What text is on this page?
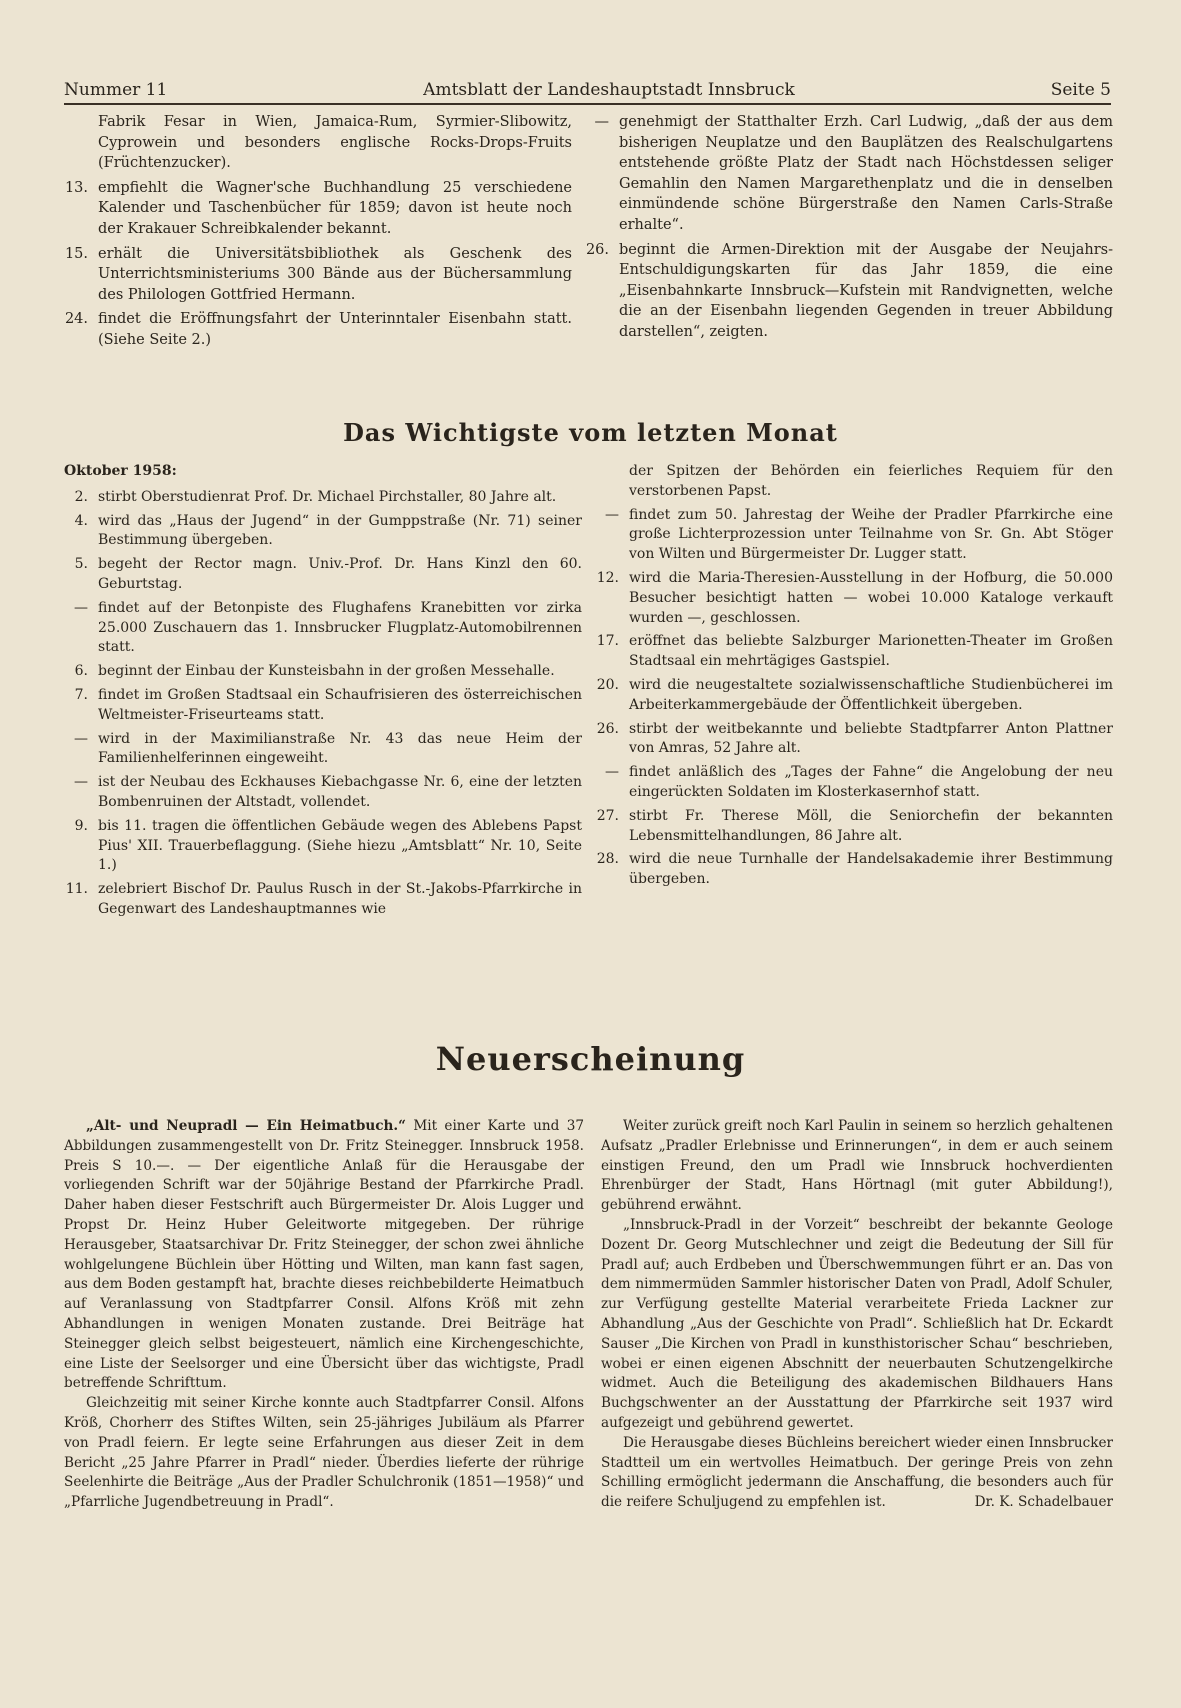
Nummer 11	Amtsblatt der Landeshauptstadt Innsbruck	Seite 5
Fabrik Fesar in Wien, Jamaica-Rum, Syrmier-Slibowitz, Cyprowein und besonders englische Rocks-Drops-Fruits (Früchtenzucker).
13. empfiehlt die Wagner'sche Buchhandlung 25 verschiedene Kalender und Taschenbücher für 1859; davon ist heute noch der Krakauer Schreibkalender bekannt.
15. erhält die Universitätsbibliothek als Geschenk des Unterrichtsministeriums 300 Bände aus der Büchersammlung des Philologen Gottfried Hermann.
24. findet die Eröffnungsfahrt der Unterinntaler Eisenbahn statt. (Siehe Seite 2.)
— genehmigt der Statthalter Erzh. Carl Ludwig, „daß der aus dem bisherigen Neuplatze und den Bauplätzen des Realschulgartens entstehende größte Platz der Stadt nach Höchstdessen seliger Gemahlin den Namen Margarethenplatz und die in denselben einmündende schöne Bürgerstraße den Namen Carls-Straße erhalte“.
26. beginnt die Armen-Direktion mit der Ausgabe der Neujahrs-Entschuldigungskarten für das Jahr 1859, die eine „Eisenbahnkarte Innsbruck—Kufstein mit Randvignetten, welche die an der Eisenbahn liegenden Gegenden in treuer Abbildung darstellen“, zeigten.
Das Wichtigste vom letzten Monat
Oktober 1958:
2. stirbt Oberstudienrat Prof. Dr. Michael Pirchstaller, 80 Jahre alt.
4. wird das „Haus der Jugend“ in der Gumppstraße (Nr. 71) seiner Bestimmung übergeben.
5. begeht der Rector magn. Univ.-Prof. Dr. Hans Kinzl den 60. Geburtstag.
— findet auf der Betonpiste des Flughafens Kranebitten vor zirka 25.000 Zuschauern das 1. Innsbrucker Flugplatz-Automobilrennen statt.
6. beginnt der Einbau der Kunsteisbahn in der großen Messehalle.
7. findet im Großen Stadtsaal ein Schaufrisieren des österreichischen Weltmeister-Friseurteams statt.
— wird in der Maximilianstraße Nr. 43 das neue Heim der Familienhelferinnen eingeweiht.
— ist der Neubau des Eckhauses Kiebachgasse Nr. 6, eine der letzten Bombenruinen der Altstadt, vollendet.
9. bis 11. tragen die öffentlichen Gebäude wegen des Ablebens Papst Pius' XII. Trauerbeflaggung. (Siehe hiezu „Amtsblatt“ Nr. 10, Seite 1.)
11. zelebriert Bischof Dr. Paulus Rusch in der St.-Jakobs-Pfarrkirche in Gegenwart des Landeshauptmannes wie
der Spitzen der Behörden ein feierliches Requiem für den verstorbenen Papst.
— findet zum 50. Jahrestag der Weihe der Pradler Pfarrkirche eine große Lichterprozession unter Teilnahme von Sr. Gn. Abt Stöger von Wilten und Bürgermeister Dr. Lugger statt.
12. wird die Maria-Theresien-Ausstellung in der Hofburg, die 50.000 Besucher besichtigt hatten — wobei 10.000 Kataloge verkauft wurden —, geschlossen.
17. eröffnet das beliebte Salzburger Marionetten-Theater im Großen Stadtsaal ein mehrtägiges Gastspiel.
20. wird die neugestaltete sozialwissenschaftliche Studienbücherei im Arbeiterkammergebäude der Öffentlichkeit übergeben.
26. stirbt der weitbekannte und beliebte Stadtpfarrer Anton Plattner von Amras, 52 Jahre alt.
— findet anläßlich des „Tages der Fahne“ die Angelobung der neu eingerückten Soldaten im Klosterkasernhof statt.
27. stirbt Fr. Therese Möll, die Seniorchefin der bekannten Lebensmittelhandlungen, 86 Jahre alt.
28. wird die neue Turnhalle der Handelsakademie ihrer Bestimmung übergeben.
Neuerscheinung

„Alt- und Neupradl — Ein Heimatbuch.“ Mit einer Karte und 37 Abbildungen zusammengestellt von Dr. Fritz Steinegger. Innsbruck 1958. Preis S 10.—. — Der eigentliche Anlaß für die Herausgabe der vorliegenden Schrift war der 50jährige Bestand der Pfarrkirche Pradl. Daher haben dieser Festschrift auch Bürgermeister Dr. Alois Lugger und Propst Dr. Heinz Huber Geleitworte mitgegeben. Der rührige Herausgeber, Staatsarchivar Dr. Fritz Steinegger, der schon zwei ähnliche wohlgelungene Büchlein über Hötting und Wilten, man kann fast sagen, aus dem Boden gestampft hat, brachte dieses reichbebilderte Heimatbuch auf Veranlassung von Stadtpfarrer Consil. Alfons Kröß mit zehn Abhandlungen in wenigen Monaten zustande. Drei Beiträge hat Steinegger gleich selbst beigesteuert, nämlich eine Kirchengeschichte, eine Liste der Seelsorger und eine Übersicht über das wichtigste, Pradl betreffende Schrifttum.

Gleichzeitig mit seiner Kirche konnte auch Stadtpfarrer Consil. Alfons Kröß, Chorherr des Stiftes Wilten, sein 25-jähriges Jubiläum als Pfarrer von Pradl feiern. Er legte seine Erfahrungen aus dieser Zeit in dem Bericht „25 Jahre Pfarrer in Pradl“ nieder. Überdies lieferte der rührige Seelenhirte die Beiträge „Aus der Pradler Schulchronik (1851—1958)“ und „Pfarrliche Jugendbetreuung in Pradl“.

Weiter zurück greift noch Karl Paulin in seinem so herzlich gehaltenen Aufsatz „Pradler Erlebnisse und Erinnerungen“, in dem er auch seinem einstigen Freund, den um Pradl wie Innsbruck hochverdienten Ehrenbürger der Stadt, Hans Hörtnagl (mit guter Abbildung!), gebührend erwähnt.

„Innsbruck-Pradl in der Vorzeit“ beschreibt der bekannte Geologe Dozent Dr. Georg Mutschlechner und zeigt die Bedeutung der Sill für Pradl auf; auch Erdbeben und Überschwemmungen führt er an. Das von dem nimmermüden Sammler historischer Daten von Pradl, Adolf Schuler, zur Verfügung gestellte Material verarbeitete Frieda Lackner zur Abhandlung „Aus der Geschichte von Pradl“. Schließlich hat Dr. Eckardt Sauser „Die Kirchen von Pradl in kunsthistorischer Schau“ beschrieben, wobei er einen eigenen Abschnitt der neuerbauten Schutzengelkirche widmet. Auch die Beteiligung des akademischen Bildhauers Hans Buchgschwenter an der Ausstattung der Pfarrkirche seit 1937 wird aufgezeigt und gebührend gewertet.

Die Herausgabe dieses Büchleins bereichert wieder einen Innsbrucker Stadtteil um ein wertvolles Heimatbuch. Der geringe Preis von zehn Schilling ermöglicht jedermann die Anschaffung, die besonders auch für die reifere Schuljugend zu empfehlen ist.	Dr. K. Schadelbauer
